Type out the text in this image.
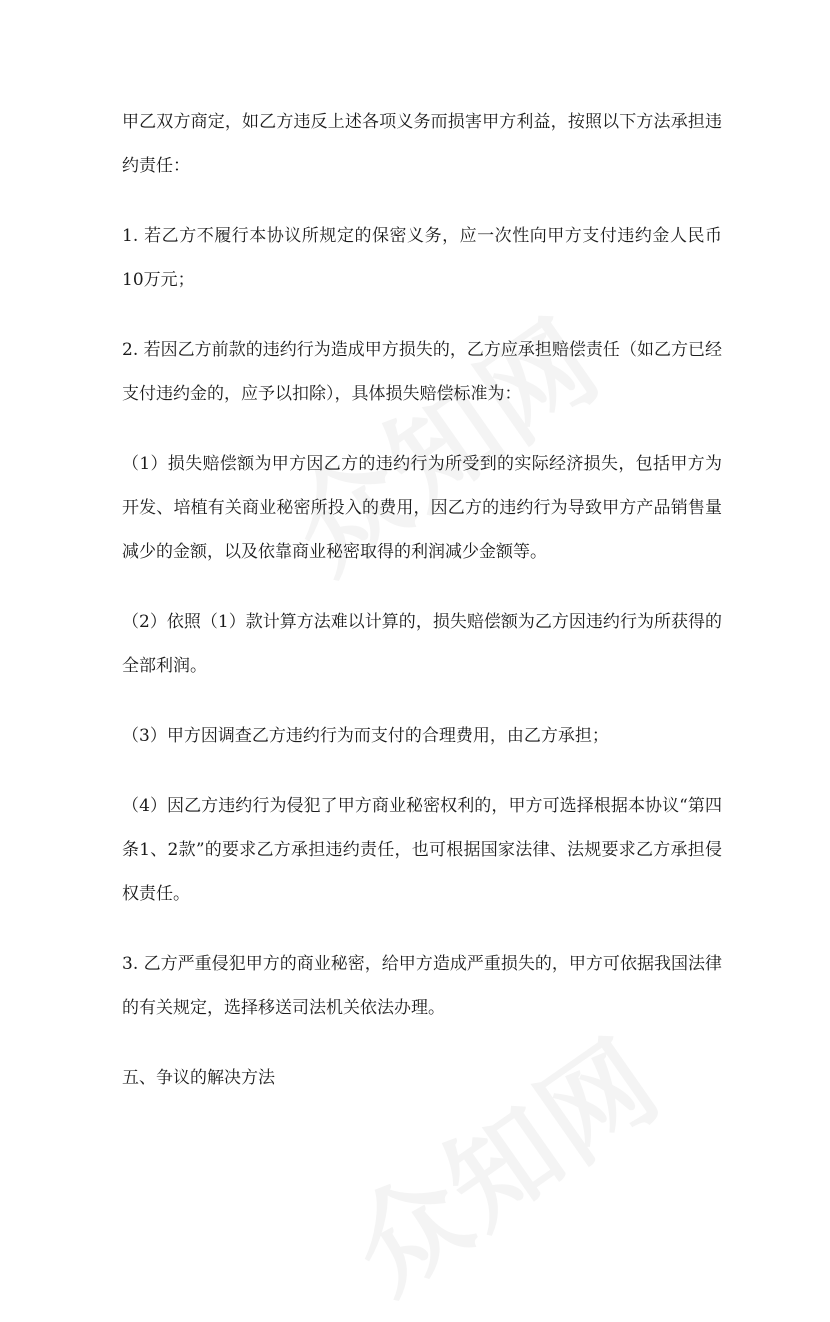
甲乙双方商定，如乙方违反上述各项义务而损害甲方利益，按照以下方法承担违约责任：

1. 若乙方不履行本协议所规定的保密义务，应一次性向甲方支付违约金人民币10万元；

2. 若因乙方前款的违约行为造成甲方损失的，乙方应承担赔偿责任（如乙方已经支付违约金的，应予以扣除），具体损失赔偿标准为：

（1）损失赔偿额为甲方因乙方的违约行为所受到的实际经济损失，包括甲方为开发、培植有关商业秘密所投入的费用，因乙方的违约行为导致甲方产品销售量减少的金额，以及依靠商业秘密取得的利润减少金额等。

（2）依照（1）款计算方法难以计算的，损失赔偿额为乙方因违约行为所获得的全部利润。

（3）甲方因调查乙方违约行为而支付的合理费用，由乙方承担；

（4）因乙方违约行为侵犯了甲方商业秘密权利的，甲方可选择根据本协议“第四条1、2款”的要求乙方承担违约责任，也可根据国家法律、法规要求乙方承担侵权责任。

3. 乙方严重侵犯甲方的商业秘密，给甲方造成严重损失的，甲方可依据我国法律的有关规定，选择移送司法机关依法办理。

五、争议的解决方法
